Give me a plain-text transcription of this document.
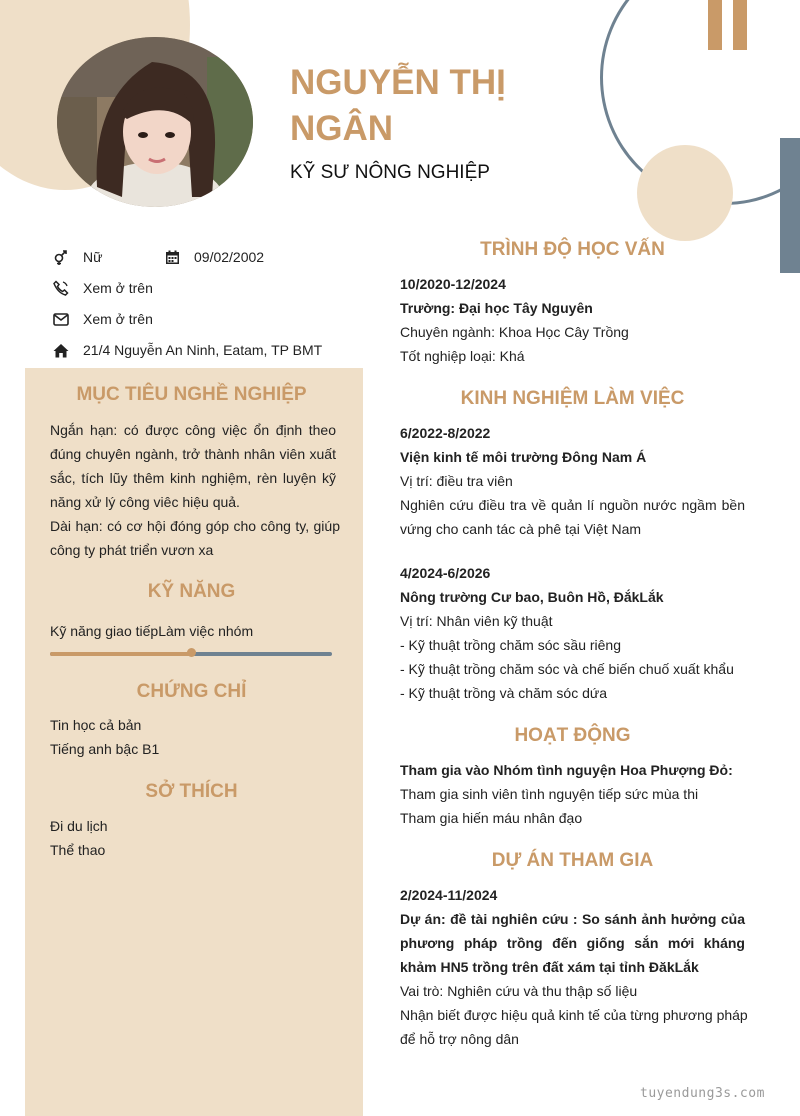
NGUYỄN THỊ NGÂN
KỸ SƯ NÔNG NGHIỆP
Nữ	09/02/2002
Xem ở trên
Xem ở trên
21/4 Nguyễn An Ninh, Eatam, TP BMT
MỤC TIÊU NGHỀ NGHIỆP
Ngắn hạn: có được công việc ổn định theo đúng chuyên ngành, trở thành nhân viên xuất sắc, tích lũy thêm kinh nghiệm, rèn luyện kỹ năng xử lý công viêc hiệu quả.
Dài hạn: có cơ hội đóng góp cho công ty, giúp công ty phát triển vươn xa
KỸ NĂNG
Kỹ năng giao tiếpLàm việc nhóm
CHỨNG CHỈ
Tin học cả bản
Tiếng anh bậc B1
SỞ THÍCH
Đi du lịch
Thể thao
TRÌNH ĐỘ HỌC VẤN
10/2020-12/2024
Trường: Đại học Tây Nguyên
Chuyên ngành: Khoa Học Cây Trồng
Tốt nghiệp loại: Khá
KINH NGHIỆM LÀM VIỆC
6/2022-8/2022
Viện kinh tế môi trường Đông Nam Á
Vị trí: điều tra viên
Nghiên cứu điều tra về quản lí nguồn nước ngầm bền vứng cho canh tác cà phê tại Việt Nam
4/2024-6/2026
Nông trường Cư bao, Buôn Hồ, ĐắkLắk
Vị trí: Nhân viên kỹ thuật
- Kỹ thuật trồng chăm sóc sầu riêng
- Kỹ thuật trồng chăm sóc và chế biến chuố xuất khẩu
- Kỹ thuật trồng và chăm sóc dứa
HOẠT ĐỘNG
Tham gia vào Nhóm tình nguyện Hoa Phượng Đỏ:
Tham gia sinh viên tình nguyện tiếp sức mùa thi
Tham gia hiến máu nhân đạo
DỰ ÁN THAM GIA
2/2024-11/2024
Dự án: đề tài nghiên cứu : So sánh ảnh hưởng của phương pháp trồng đến giống sắn mới kháng khảm HN5 trồng trên đất xám tại tỉnh ĐăkLắk
Vai trò: Nghiên cứu và thu thập số liệu
Nhận biết được hiệu quả kinh tế của từng phương pháp để hỗ trợ nông dân
tuyendung3s.com
